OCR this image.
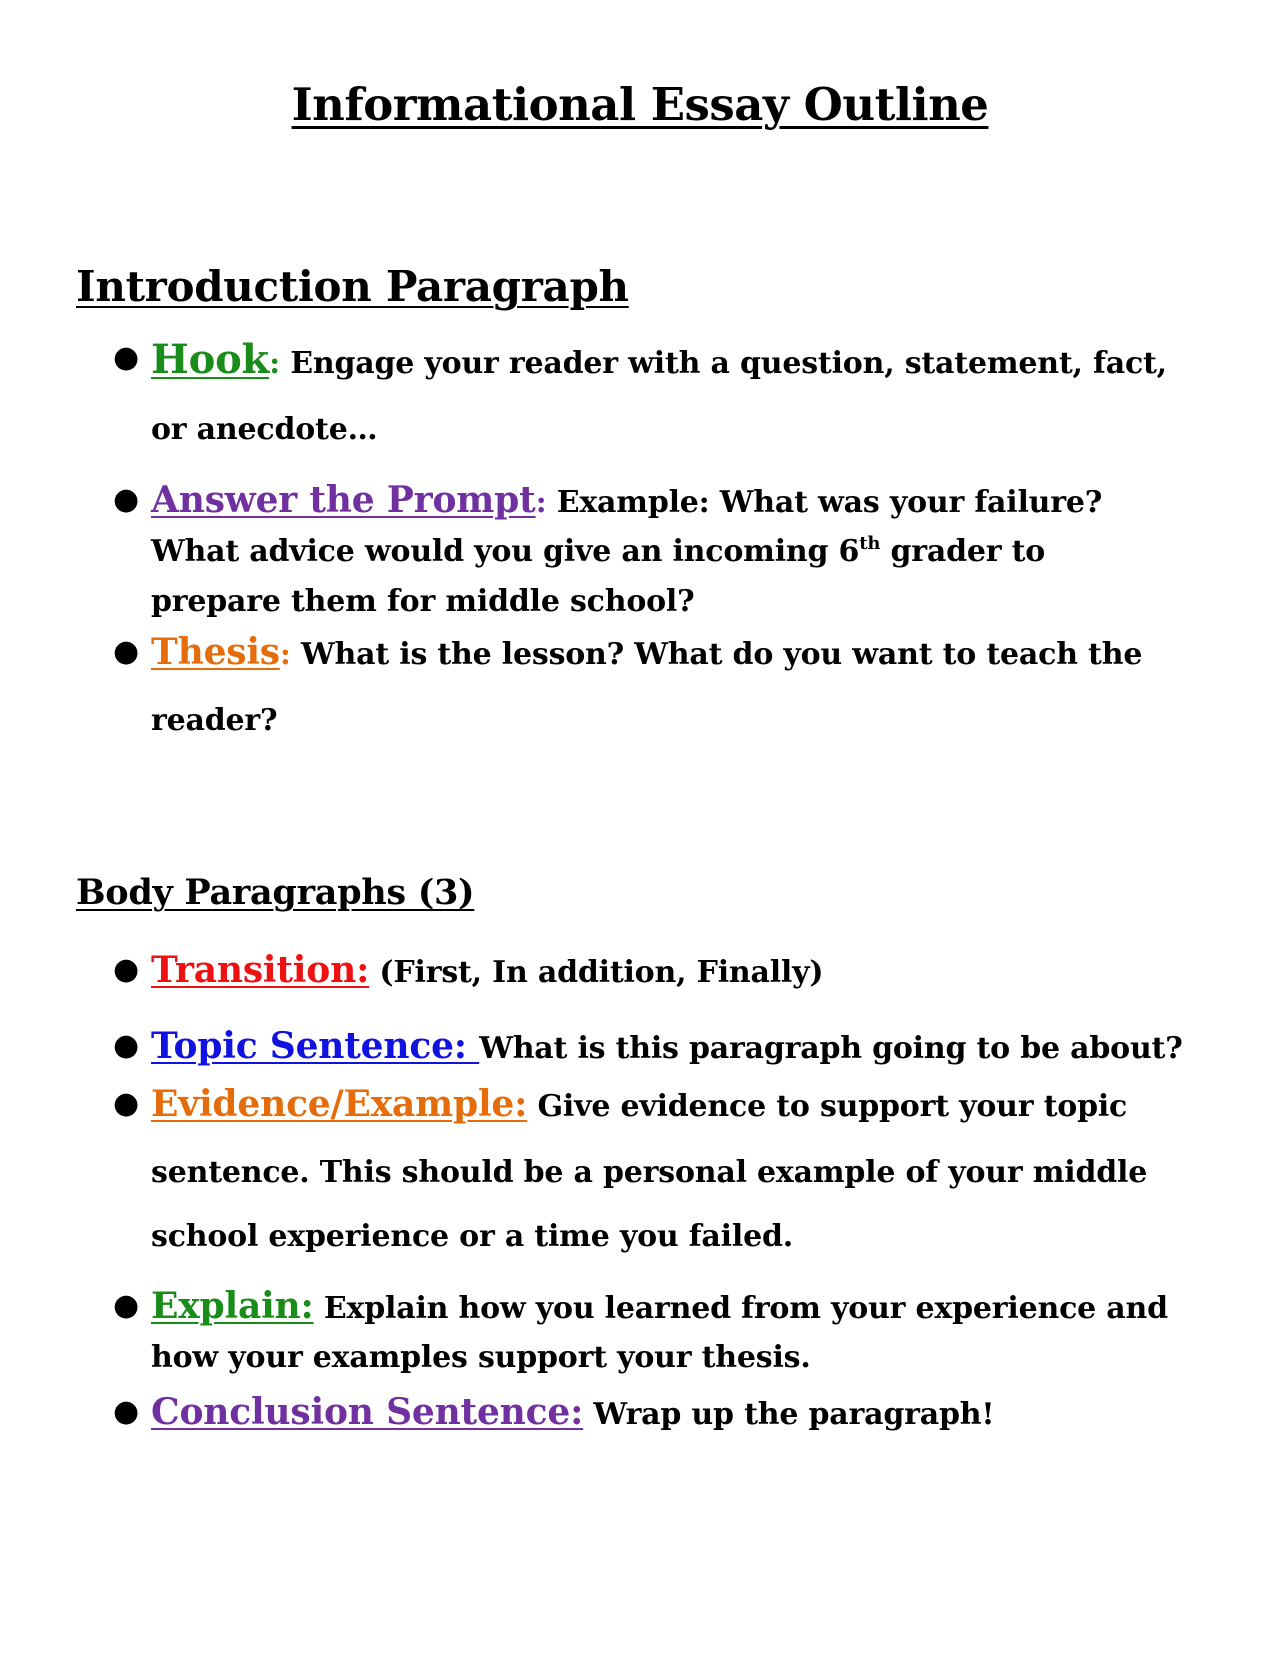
Informational Essay Outline
Introduction Paragraph
● Hook: Engage your reader with a question, statement, fact,
or anecdote…
● Answer the Prompt: Example: What was your failure?
What advice would you give an incoming 6th grader to
prepare them for middle school?
● Thesis: What is the lesson? What do you want to teach the
reader?
Body Paragraphs (3)
● Transition: (First, In addition, Finally)
● Topic Sentence: What is this paragraph going to be about?
● Evidence/Example: Give evidence to support your topic
sentence. This should be a personal example of your middle
school experience or a time you failed.
● Explain: Explain how you learned from your experience and
how your examples support your thesis.
● Conclusion Sentence: Wrap up the paragraph!
